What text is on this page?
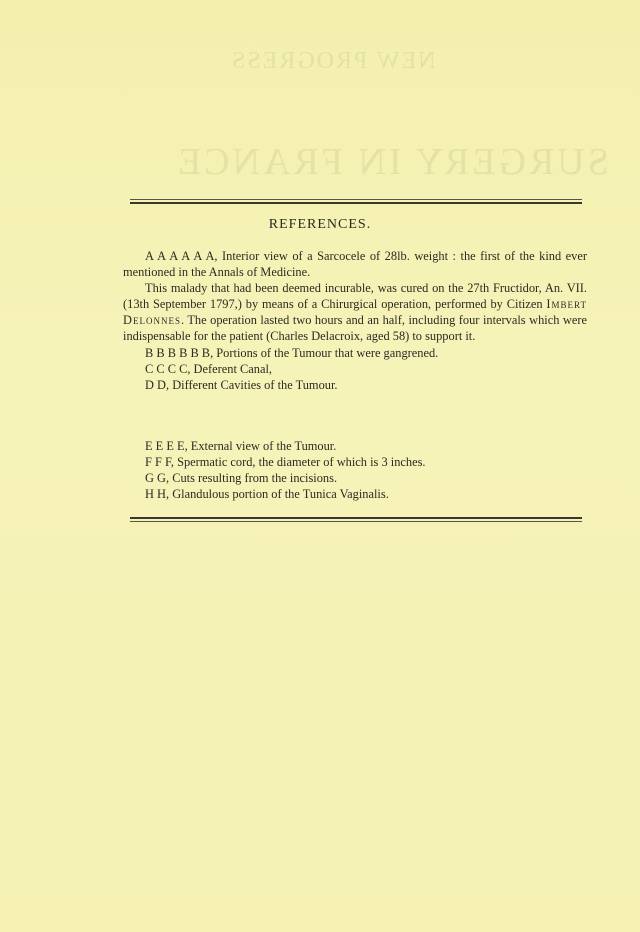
NEW PROGRESS
SURGERY IN FRANCE
REFERENCES.

A A A A A A, Interior view of a Sarcocele of 28lb. weight : the first of the kind ever mentioned in the Annals of Medicine.

This malady that had been deemed incurable, was cured on the 27th Fructidor, An. VII. (13th September 1797,) by means of a Chirurgical operation, performed by Citizen Imbert Delonnes. The operation lasted two hours and an half, including four intervals which were indispensable for the patient (Charles Delacroix, aged 58) to support it.

B B B B B B, Portions of the Tumour that were gangrened.

C C C C, Deferent Canal,

D D, Different Cavities of the Tumour.

E E E E, External view of the Tumour.

F F F, Spermatic cord, the diameter of which is 3 inches.

G G, Cuts resulting from the incisions.

H H, Glandulous portion of the Tunica Vaginalis.
